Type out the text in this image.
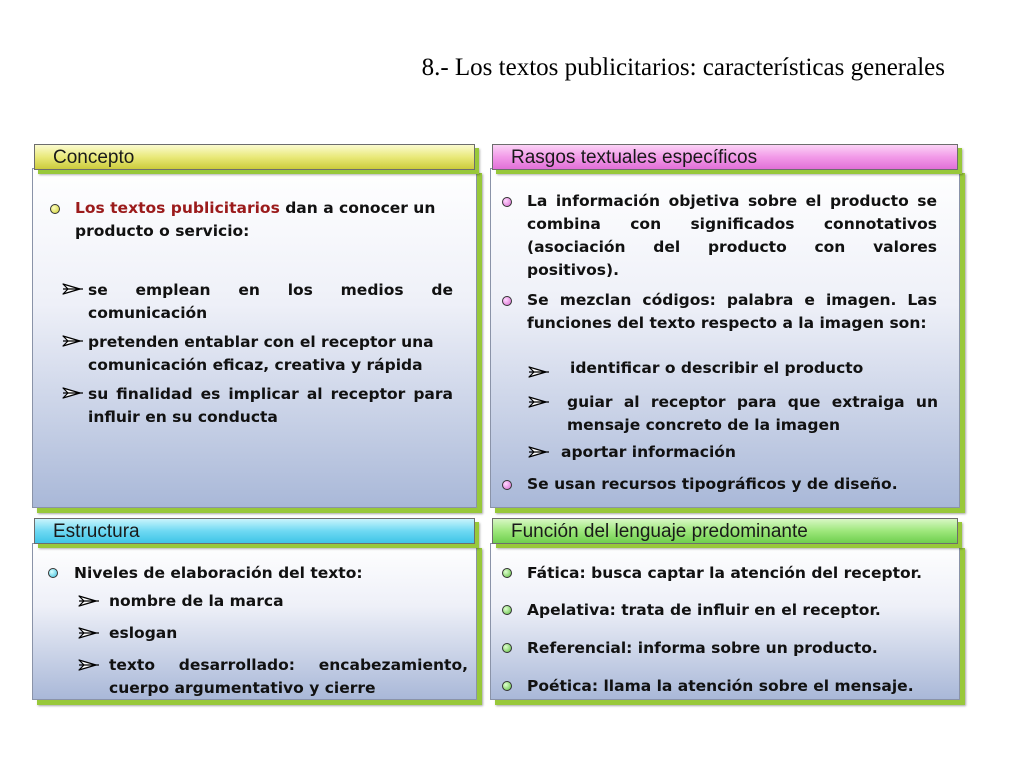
8.- Los textos publicitarios: características generales
Concepto
Los textos publicitarios dan a conocer un producto o servicio:
se emplean en los medios de comunicación
pretenden entablar con el receptor una comunicación eficaz, creativa y rápida
su finalidad es implicar al receptor para influir en su conducta
Rasgos textuales específicos
La información objetiva sobre el producto se combina con significados connotativos (asociación del producto con valores positivos).
Se mezclan códigos: palabra e imagen. Las funciones del texto respecto a la imagen son:
identificar o describir el producto
guiar al receptor para que extraiga un mensaje concreto de la imagen
aportar información
Se usan recursos tipográficos y de diseño.
Estructura
Niveles de elaboración del texto:
nombre de la marca
eslogan
texto desarrollado: encabezamiento, cuerpo argumentativo y cierre
Función del lenguaje predominante
Fática: busca captar la atención del receptor.
Apelativa: trata de influir en el receptor.
Referencial: informa sobre un producto.
Poética: llama la atención sobre el mensaje.
